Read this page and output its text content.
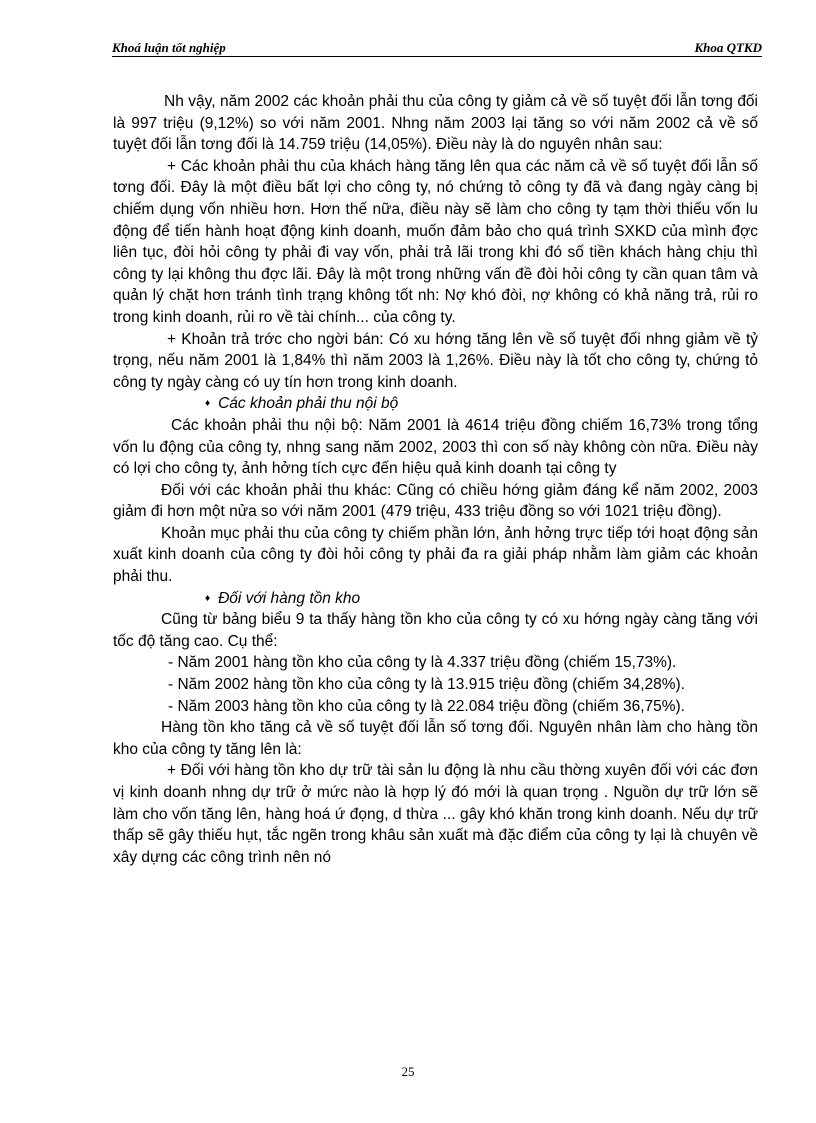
Khoá luận tốt nghiệp	Khoa QTKD

Nh vậy, năm 2002 các khoản phải thu của công ty giảm cả về số tuyệt đối lẫn tơng đối là 997 triệu (9,12%) so với năm 2001. Nhng năm 2003 lại tăng so với năm 2002 cả về số tuyệt đối lẫn tơng đối là 14.759 triệu (14,05%). Điều này là do nguyên nhân sau:

+ Các khoản phải thu của khách hàng tăng lên qua các năm cả về số tuyệt đối lẫn số tơng đối. Đây là một điều bất lợi cho công ty, nó chứng tỏ công ty đã và đang ngày càng bị chiếm dụng vốn nhiều hơn. Hơn thế nữa, điều này sẽ làm cho công ty tạm thời thiếu vốn lu động để tiến hành hoạt động kinh doanh, muốn đảm bảo cho quá trình SXKD của mình đợc liên tục, đòi hỏi công ty phải đi vay vốn, phải trả lãi trong khi đó số tiền khách hàng chịu thì công ty lại không thu đợc lãi. Đây là một trong những vấn đề đòi hỏi công ty cần quan tâm và quản lý chặt hơn tránh tình trạng không tốt nh: Nợ khó đòi, nợ không có khả năng trả, rủi ro trong kinh doanh, rủi ro về tài chính... của công ty.

+ Khoản trả trớc cho ngời bán: Có xu hớng tăng lên về số tuyệt đối nhng giảm về tỷ trọng, nếu năm 2001 là 1,84% thì năm 2003 là 1,26%. Điều này là tốt cho công ty, chứng tỏ công ty ngày càng có uy tín hơn trong kinh doanh.

♦ Các khoản phải thu nội bộ

Các khoản phải thu nội bộ: Năm 2001 là 4614 triệu đồng chiếm 16,73% trong tổng vốn lu động của công ty, nhng sang năm 2002, 2003 thì con số này không còn nữa. Điều này có lợi cho công ty, ảnh hởng tích cực đến hiệu quả kinh doanh tại công ty

Đối với các khoản phải thu khác: Cũng có chiều hớng giảm đáng kể năm 2002, 2003 giảm đi hơn một nửa so với năm 2001 (479 triệu, 433 triệu đồng so với 1021 triệu đồng).

Khoản mục phải thu của công ty chiếm phần lớn, ảnh hởng trực tiếp tới hoạt động sản xuất kinh doanh của công ty đòi hỏi công ty phải đa ra giải pháp nhằm làm giảm các khoản phải thu.

♦ Đối với hàng tồn kho

Cũng từ bảng biểu 9 ta thấy hàng tồn kho của công ty có xu hớng ngày càng tăng với tốc độ tăng cao. Cụ thể:

- Năm 2001 hàng tồn kho của công ty là 4.337 triệu đồng (chiếm 15,73%).

- Năm 2002 hàng tồn kho của công ty là 13.915 triệu đồng (chiếm 34,28%).

- Năm 2003 hàng tồn kho của công ty là 22.084 triệu đồng (chiếm 36,75%).

Hàng tồn kho tăng cả về số tuyệt đối lẫn số tơng đối. Nguyên nhân làm cho hàng tồn kho của công ty tăng lên là:

+ Đối với hàng tồn kho dự trữ tài sản lu động là nhu cầu thờng xuyên đối với các đơn vị kinh doanh nhng dự trữ ở mức nào là hợp lý đó mới là quan trọng . Nguồn dự trữ lớn sẽ làm cho vốn tăng lên, hàng hoá ứ đọng, d thừa ... gây khó khăn trong kinh doanh. Nếu dự trữ thấp sẽ gây thiếu hụt, tắc ngẽn trong khâu sản xuất mà đặc điểm của công ty lại là chuyên về xây dựng các công trình nên nó

25
